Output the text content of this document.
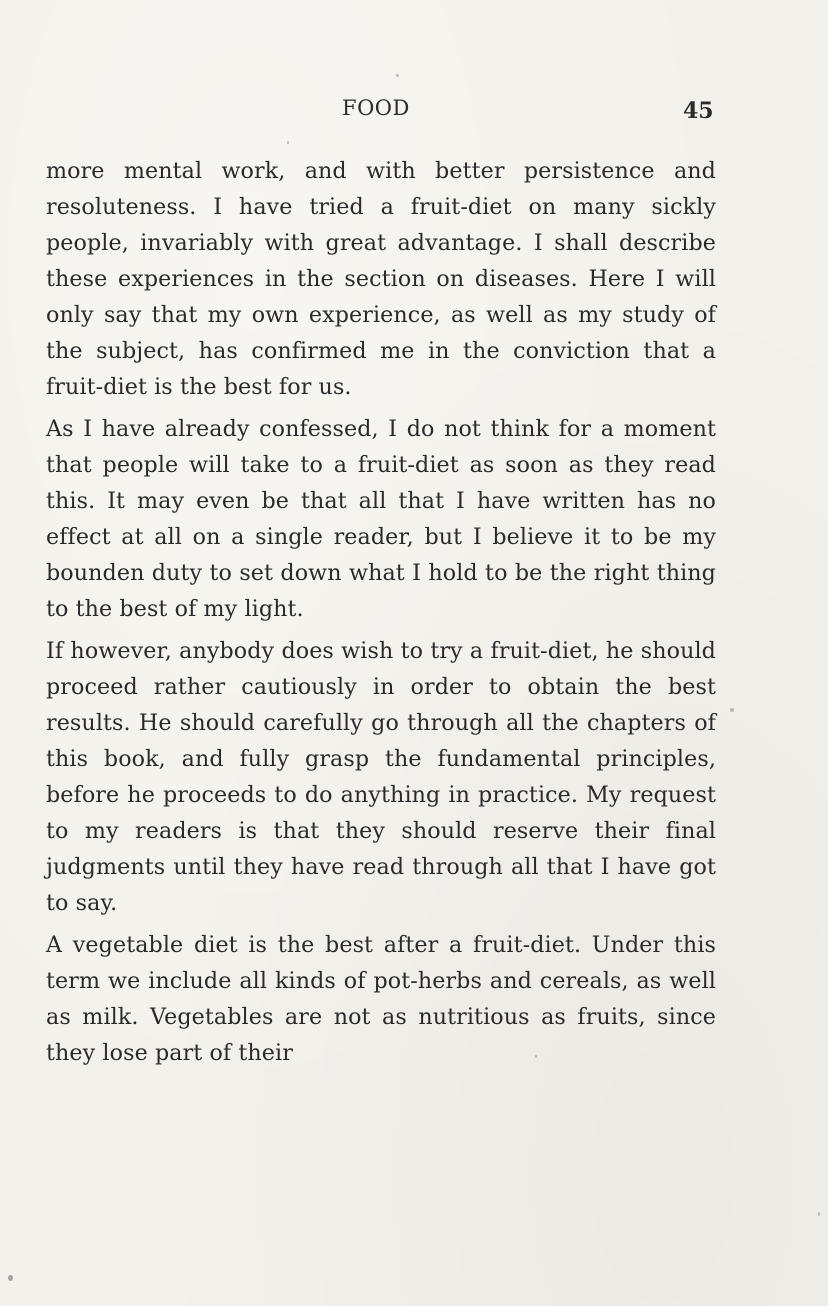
FOOD	45

more mental work, and with better persistence and resoluteness. I have tried a fruit-diet on many sickly people, invariably with great advantage. I shall describe these experiences in the section on diseases. Here I will only say that my own experience, as well as my study of the subject, has confirmed me in the conviction that a fruit-diet is the best for us.

As I have already confessed, I do not think for a moment that people will take to a fruit-diet as soon as they read this. It may even be that all that I have written has no effect at all on a single reader, but I believe it to be my bounden duty to set down what I hold to be the right thing to the best of my light.

If however, anybody does wish to try a fruit-diet, he should proceed rather cautiously in order to obtain the best results. He should carefully go through all the chapters of this book, and fully grasp the fundamental principles, before he proceeds to do anything in practice. My request to my readers is that they should reserve their final judgments until they have read through all that I have got to say.

A vegetable diet is the best after a fruit-diet. Under this term we include all kinds of pot-herbs and cereals, as well as milk. Vegetables are not as nutritious as fruits, since they lose part of their
